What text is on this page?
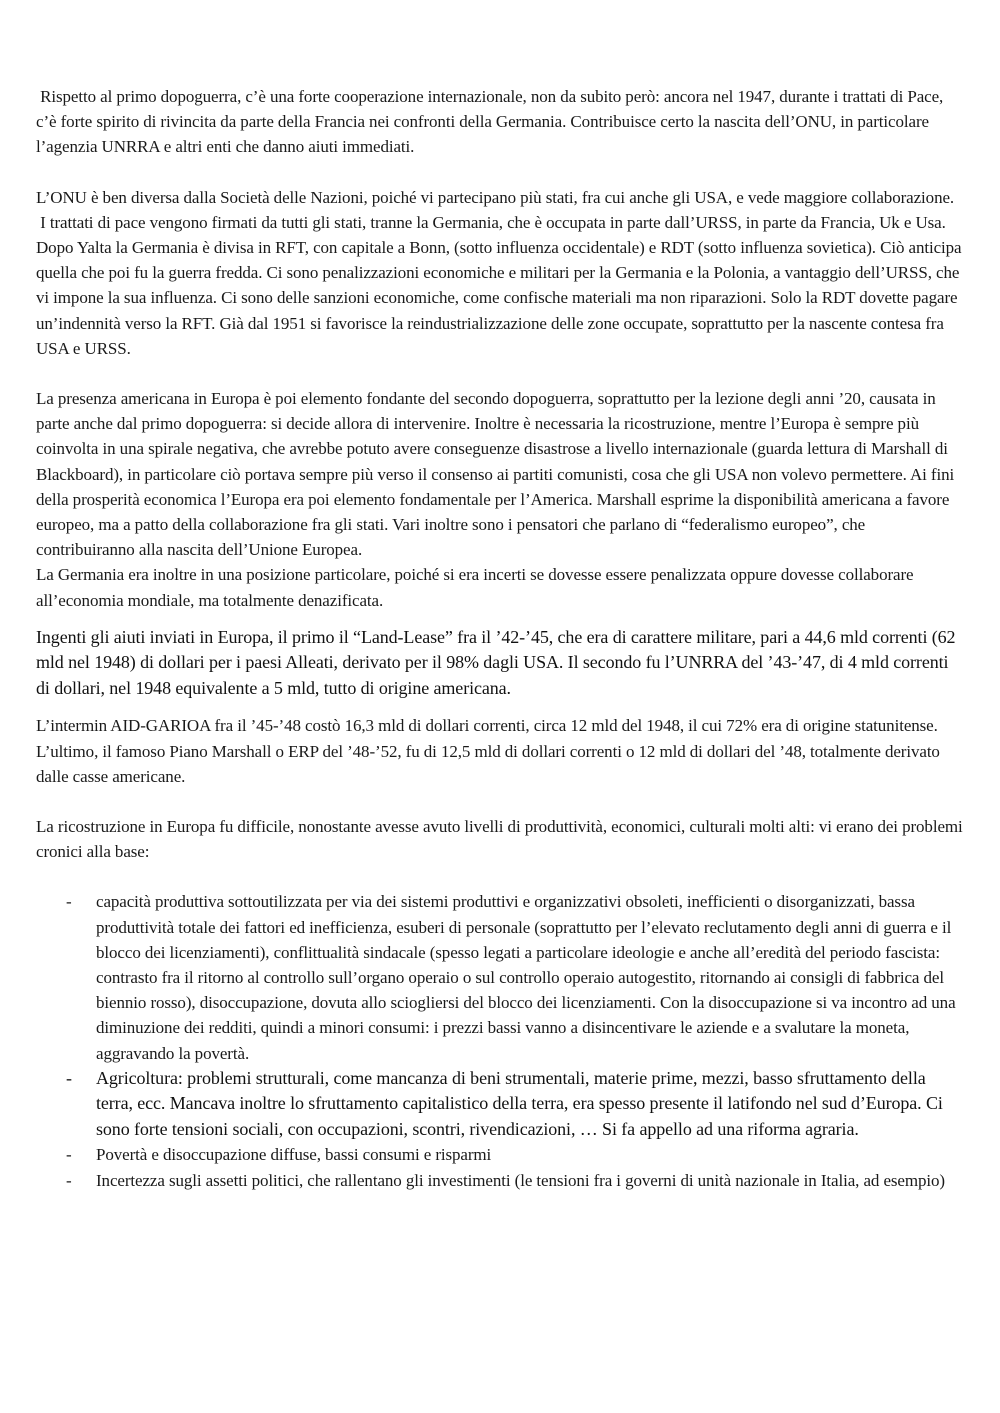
Rispetto al primo dopoguerra, c’è una forte cooperazione internazionale, non da subito però: ancora nel 1947, durante i trattati di Pace, c’è forte spirito di rivincita da parte della Francia nei confronti della Germania. Contribuisce certo la nascita dell’ONU, in particolare l’agenzia UNRRA e altri enti che danno aiuti immediati.

L’ONU è ben diversa dalla Società delle Nazioni, poiché vi partecipano più stati, fra cui anche gli USA, e vede maggiore collaborazione.

I trattati di pace vengono firmati da tutti gli stati, tranne la Germania, che è occupata in parte dall’URSS, in parte da Francia, Uk e Usa. Dopo Yalta la Germania è divisa in RFT, con capitale a Bonn, (sotto influenza occidentale) e RDT (sotto influenza sovietica). Ciò anticipa quella che poi fu la guerra fredda. Ci sono penalizzazioni economiche e militari per la Germania e la Polonia, a vantaggio dell’URSS, che vi impone la sua influenza. Ci sono delle sanzioni economiche, come confische materiali ma non riparazioni. Solo la RDT dovette pagare un’indennità verso la RFT. Già dal 1951 si favorisce la reindustrializzazione delle zone occupate, soprattutto per la nascente contesa fra USA e URSS.

La presenza americana in Europa è poi elemento fondante del secondo dopoguerra, soprattutto per la lezione degli anni ’20, causata in parte anche dal primo dopoguerra: si decide allora di intervenire. Inoltre è necessaria la ricostruzione, mentre l’Europa è sempre più coinvolta in una spirale negativa, che avrebbe potuto avere conseguenze disastrose a livello internazionale (guarda lettura di Marshall di Blackboard), in particolare ciò portava sempre più verso il consenso ai partiti comunisti, cosa che gli USA non volevo permettere. Ai fini della prosperità economica l’Europa era poi elemento fondamentale per l’America. Marshall esprime la disponibilità americana a favore europeo, ma a patto della collaborazione fra gli stati. Vari inoltre sono i pensatori che parlano di “federalismo europeo”, che contribuiranno alla nascita dell’Unione Europea.

La Germania era inoltre in una posizione particolare, poiché si era incerti se dovesse essere penalizzata oppure dovesse collaborare all’economia mondiale, ma totalmente denazificata.

Ingenti gli aiuti inviati in Europa, il primo il “Land-Lease” fra il ’42-’45, che era di carattere militare, pari a 44,6 mld correnti (62 mld nel 1948) di dollari per i paesi Alleati, derivato per il 98% dagli USA. Il secondo fu l’UNRRA del ’43-’47, di 4 mld correnti di dollari, nel 1948 equivalente a 5 mld, tutto di origine americana.

L’intermin AID-GARIOA fra il ’45-’48 costò 16,3 mld di dollari correnti, circa 12 mld del 1948, il cui 72% era di origine statunitense. L’ultimo, il famoso Piano Marshall o ERP del ’48-’52, fu di 12,5 mld di dollari correnti o 12 mld di dollari del ’48, totalmente derivato dalle casse americane.

La ricostruzione in Europa fu difficile, nonostante avesse avuto livelli di produttività, economici, culturali molti alti: vi erano dei problemi cronici alla base:

- capacità produttiva sottoutilizzata per via dei sistemi produttivi e organizzativi obsoleti, inefficienti o disorganizzati, bassa produttività totale dei fattori ed inefficienza, esuberi di personale (soprattutto per l’elevato reclutamento degli anni di guerra e il blocco dei licenziamenti), conflittualità sindacale (spesso legati a particolare ideologie e anche all’eredità del periodo fascista: contrasto fra il ritorno al controllo sull’organo operaio o sul controllo operaio autogestito, ritornando ai consigli di fabbrica del biennio rosso), disoccupazione, dovuta allo sciogliersi del blocco dei licenziamenti. Con la disoccupazione si va incontro ad una diminuzione dei redditi, quindi a minori consumi: i prezzi bassi vanno a disincentivare le aziende e a svalutare la moneta, aggravando la povertà.
- Agricoltura: problemi strutturali, come mancanza di beni strumentali, materie prime, mezzi, basso sfruttamento della terra, ecc. Mancava inoltre lo sfruttamento capitalistico della terra, era spesso presente il latifondo nel sud d’Europa. Ci sono forte tensioni sociali, con occupazioni, scontri, rivendicazioni, … Si fa appello ad una riforma agraria.
- Povertà e disoccupazione diffuse, bassi consumi e risparmi
- Incertezza sugli assetti politici, che rallentano gli investimenti (le tensioni fra i governi di unità nazionale in Italia, ad esempio)
